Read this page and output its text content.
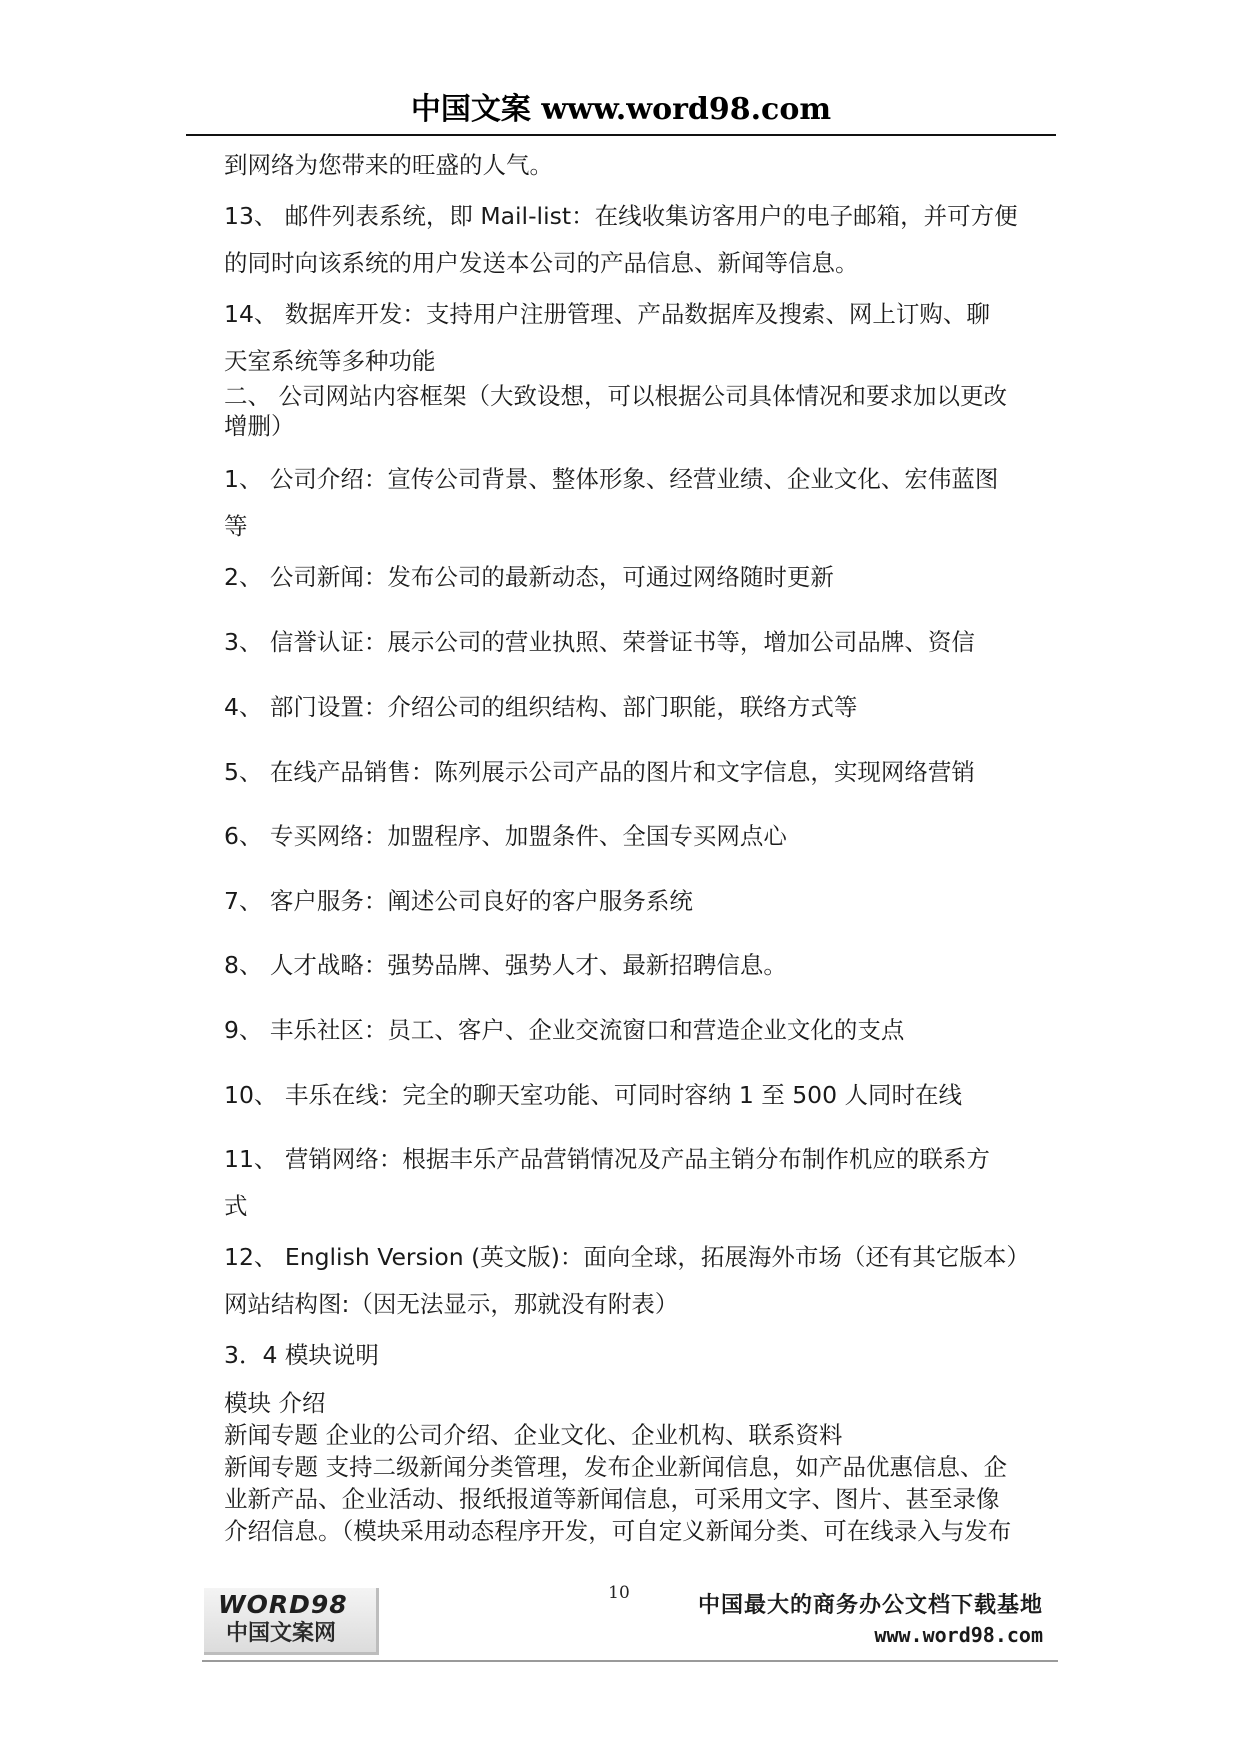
中国文案 www.word98.com
到网络为您带来的旺盛的人气。
13、 邮件列表系统，即 Mail-list：在线收集访客用户的电子邮箱，并可方便
的同时向该系统的用户发送本公司的产品信息、新闻等信息。
14、 数据库开发：支持用户注册管理、产品数据库及搜索、网上订购、聊
天室系统等多种功能
二、 公司网站内容框架（大致设想，可以根据公司具体情况和要求加以更改
增删）
1、 公司介绍：宣传公司背景、整体形象、经营业绩、企业文化、宏伟蓝图
等
2、 公司新闻：发布公司的最新动态，可通过网络随时更新
3、 信誉认证：展示公司的营业执照、荣誉证书等，增加公司品牌、资信
4、 部门设置：介绍公司的组织结构、部门职能，联络方式等
5、 在线产品销售：陈列展示公司产品的图片和文字信息，实现网络营销
6、 专买网络：加盟程序、加盟条件、全国专买网点心
7、 客户服务：阐述公司良好的客户服务系统
8、 人才战略：强势品牌、强势人才、最新招聘信息。
9、 丰乐社区：员工、客户、企业交流窗口和营造企业文化的支点
10、 丰乐在线：完全的聊天室功能、可同时容纳 1 至 500 人同时在线
11、 营销网络：根据丰乐产品营销情况及产品主销分布制作机应的联系方
式
12、 English Version (英文版)：面向全球，拓展海外市场（还有其它版本）
网站结构图:（因无法显示，那就没有附表）
3．4 模块说明
模块 介绍
新闻专题 企业的公司介绍、企业文化、企业机构、联系资料
新闻专题 支持二级新闻分类管理，发布企业新闻信息，如产品优惠信息、企
业新产品、企业活动、报纸报道等新闻信息，可采用文字、图片、甚至录像
介绍信息。（模块采用动态程序开发，可自定义新闻分类、可在线录入与发布
WORD98
中国文案网
10	中国最大的商务办公文档下载基地
www.word98.com
